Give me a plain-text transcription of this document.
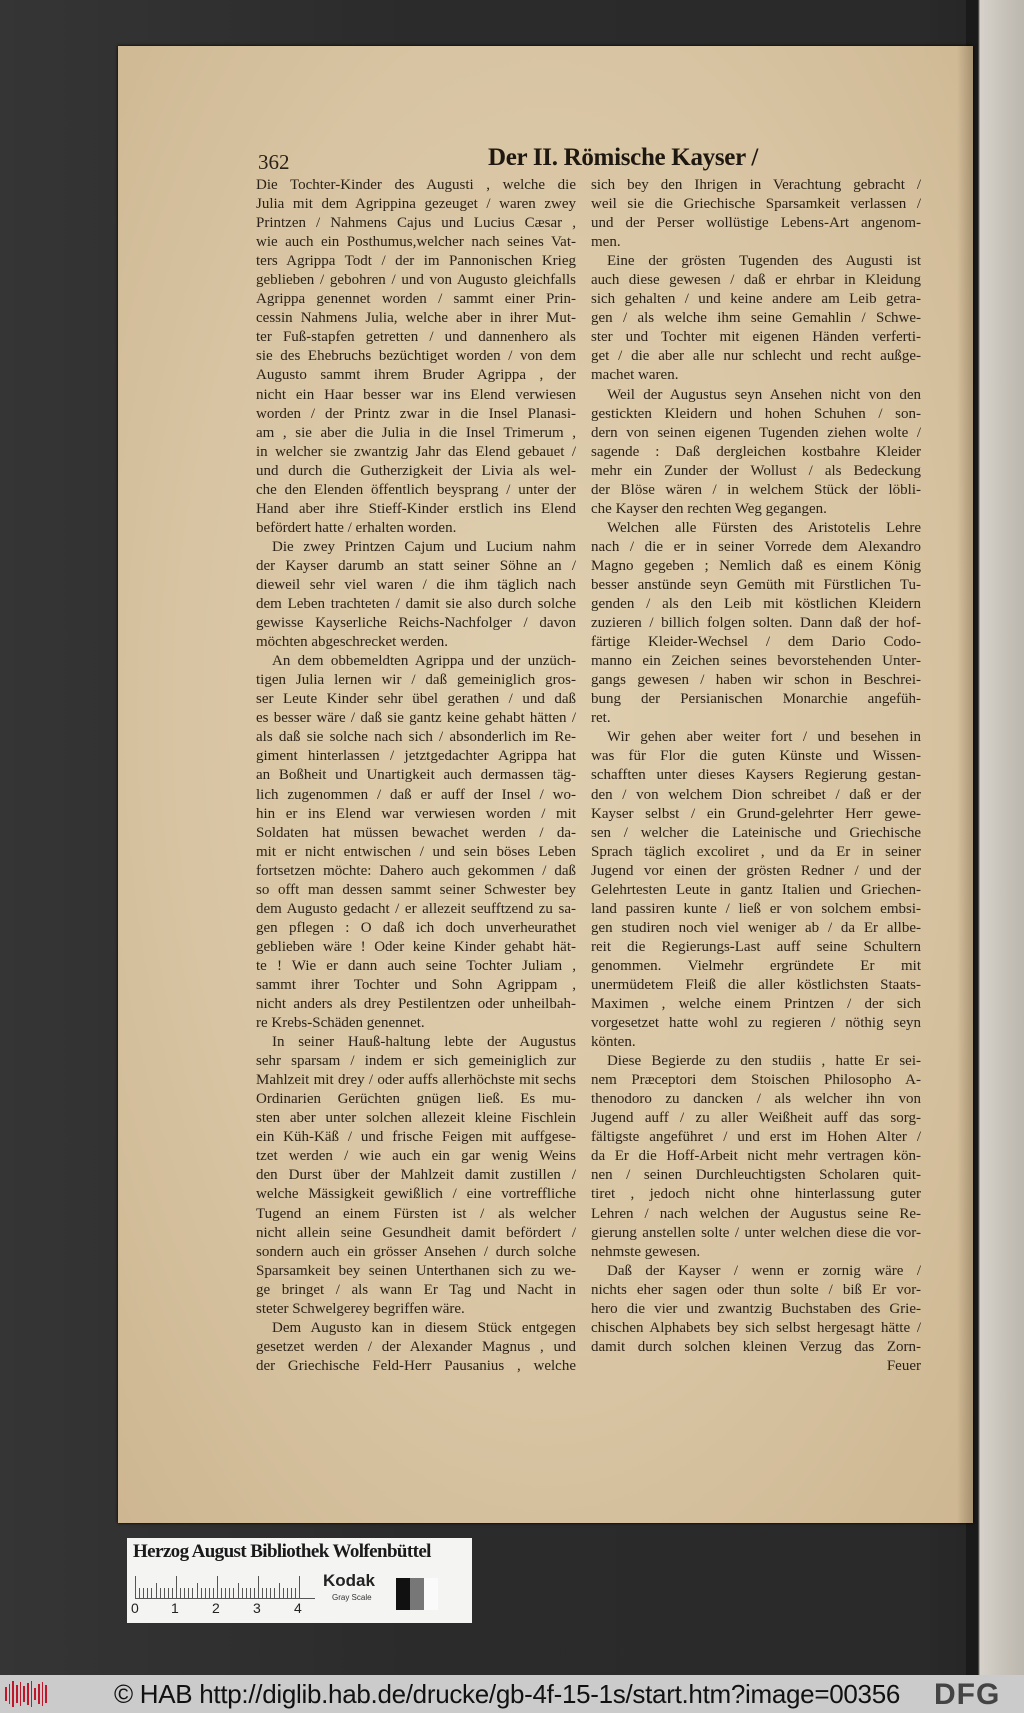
362	Der II. Römische Kayser /
Die Tochter-Kinder des Augusti , welche die
Julia mit dem Agrippina gezeuget / waren zwey
Printzen / Nahmens Cajus und Lucius Cæsar ,
wie auch ein Posthumus,welcher nach seines Vat-
ters Agrippa Todt / der im Pannonischen Krieg
geblieben / gebohren / und von Augusto gleichfalls
Agrippa genennet worden / sammt einer Prin-
cessin Nahmens Julia, welche aber in ihrer Mut-
ter Fuß-stapfen getretten / und dannenhero als
sie des Ehebruchs bezüchtiget worden / von dem
Augusto sammt ihrem Bruder Agrippa , der
nicht ein Haar besser war ins Elend verwiesen
worden / der Printz zwar in die Insel Planasi-
am , sie aber die Julia in die Insel Trimerum ,
in welcher sie zwantzig Jahr das Elend gebauet /
und durch die Gutherzigkeit der Livia als wel-
che den Elenden öffentlich beysprang / unter der
Hand aber ihre Stieff-Kinder erstlich ins Elend
befördert hatte / erhalten worden.
Die zwey Printzen Cajum und Lucium nahm
der Kayser darumb an statt seiner Söhne an /
dieweil sehr viel waren / die ihm täglich nach
dem Leben trachteten / damit sie also durch solche
gewisse Kayserliche Reichs-Nachfolger / davon
möchten abgeschrecket werden.
An dem obbemeldten Agrippa und der unzüch-
tigen Julia lernen wir / daß gemeiniglich gros-
ser Leute Kinder sehr übel gerathen / und daß
es besser wäre / daß sie gantz keine gehabt hätten /
als daß sie solche nach sich / absonderlich im Re-
giment hinterlassen / jetztgedachter Agrippa hat
an Boßheit und Unartigkeit auch dermassen täg-
lich zugenommen / daß er auff der Insel / wo-
hin er ins Elend war verwiesen worden / mit
Soldaten hat müssen bewachet werden / da-
mit er nicht entwischen / und sein böses Leben
fortsetzen möchte: Dahero auch gekommen / daß
so offt man dessen sammt seiner Schwester bey
dem Augusto gedacht / er allezeit seufftzend zu sa-
gen pflegen : O daß ich doch unverheurathet
geblieben wäre ! Oder keine Kinder gehabt hät-
te ! Wie er dann auch seine Tochter Juliam ,
sammt ihrer Tochter und Sohn Agrippam ,
nicht anders als drey Pestilentzen oder unheilbah-
re Krebs-Schäden genennet.
In seiner Hauß-haltung lebte der Augustus
sehr sparsam / indem er sich gemeiniglich zur
Mahlzeit mit drey / oder auffs allerhöchste mit sechs
Ordinarien Gerüchten gnügen ließ. Es mu-
sten aber unter solchen allezeit kleine Fischlein
ein Küh-Käß / und frische Feigen mit auffgese-
tzet werden / wie auch ein gar wenig Weins
den Durst über der Mahlzeit damit zustillen /
welche Mässigkeit gewißlich / eine vortreffliche
Tugend an einem Fürsten ist / als welcher
nicht allein seine Gesundheit damit befördert /
sondern auch ein grösser Ansehen / durch solche
Sparsamkeit bey seinen Unterthanen sich zu we-
ge bringet / als wann Er Tag und Nacht in
steter Schwelgerey begriffen wäre.
Dem Augusto kan in diesem Stück entgegen
gesetzet werden / der Alexander Magnus , und
der Griechische Feld-Herr Pausanius , welche
sich bey den Ihrigen in Verachtung gebracht /
weil sie die Griechische Sparsamkeit verlassen /
und der Perser wollüstige Lebens-Art angenom-
men.
Eine der grösten Tugenden des Augusti ist
auch diese gewesen / daß er ehrbar in Kleidung
sich gehalten / und keine andere am Leib getra-
gen / als welche ihm seine Gemahlin / Schwe-
ster und Tochter mit eigenen Händen verferti-
get / die aber alle nur schlecht und recht außge-
machet waren.
Weil der Augustus seyn Ansehen nicht von den
gestickten Kleidern und hohen Schuhen / son-
dern von seinen eigenen Tugenden ziehen wolte /
sagende : Daß dergleichen kostbahre Kleider
mehr ein Zunder der Wollust / als Bedeckung
der Blöse wären / in welchem Stück der löbli-
che Kayser den rechten Weg gegangen.
Welchen alle Fürsten des Aristotelis Lehre
nach / die er in seiner Vorrede dem Alexandro
Magno gegeben ; Nemlich daß es einem König
besser anstünde seyn Gemüth mit Fürstlichen Tu-
genden / als den Leib mit köstlichen Kleidern
zuzieren / billich folgen solten. Dann daß der hof-
färtige Kleider-Wechsel / dem Dario Codo-
manno ein Zeichen seines bevorstehenden Unter-
gangs gewesen / haben wir schon in Beschrei-
bung der Persianischen Monarchie angefüh-
ret.
Wir gehen aber weiter fort / und besehen in
was für Flor die guten Künste und Wissen-
schafften unter dieses Kaysers Regierung gestan-
den / von welchem Dion schreibet / daß er der
Kayser selbst / ein Grund-gelehrter Herr gewe-
sen / welcher die Lateinische und Griechische
Sprach täglich excoliret , und da Er in seiner
Jugend vor einen der grösten Redner / und der
Gelehrtesten Leute in gantz Italien und Griechen-
land passiren kunte / ließ er von solchem embsi-
gen studiren noch viel weniger ab / da Er allbe-
reit die Regierungs-Last auff seine Schultern
genommen. Vielmehr ergründete Er mit
unermüdetem Fleiß die aller köstlichsten Staats-
Maximen , welche einem Printzen / der sich
vorgesetzet hatte wohl zu regieren / nöthig seyn
könten.
Diese Begierde zu den studiis , hatte Er sei-
nem Præceptori dem Stoischen Philosopho A-
thenodoro zu dancken / als welcher ihn von
Jugend auff / zu aller Weißheit auff das sorg-
fältigste angeführet / und erst im Hohen Alter /
da Er die Hoff-Arbeit nicht mehr vertragen kön-
nen / seinen Durchleuchtigsten Scholaren quit-
tiret , jedoch nicht ohne hinterlassung guter
Lehren / nach welchen der Augustus seine Re-
gierung anstellen solte / unter welchen diese die vor-
nehmste gewesen.
Daß der Kayser / wenn er zornig wäre /
nichts eher sagen oder thun solte / biß Er vor-
hero die vier und zwantzig Buchstaben des Grie-
chischen Alphabets bey sich selbst hergesagt hätte /
damit durch solchen kleinen Verzug das Zorn-
Feuer
Herzog August Bibliothek Wolfenbüttel
0 1 2 3 4
Kodak
Gray Scale
© HAB http://diglib.hab.de/drucke/gb-4f-15-1s/start.htm?image=00356 DFG
